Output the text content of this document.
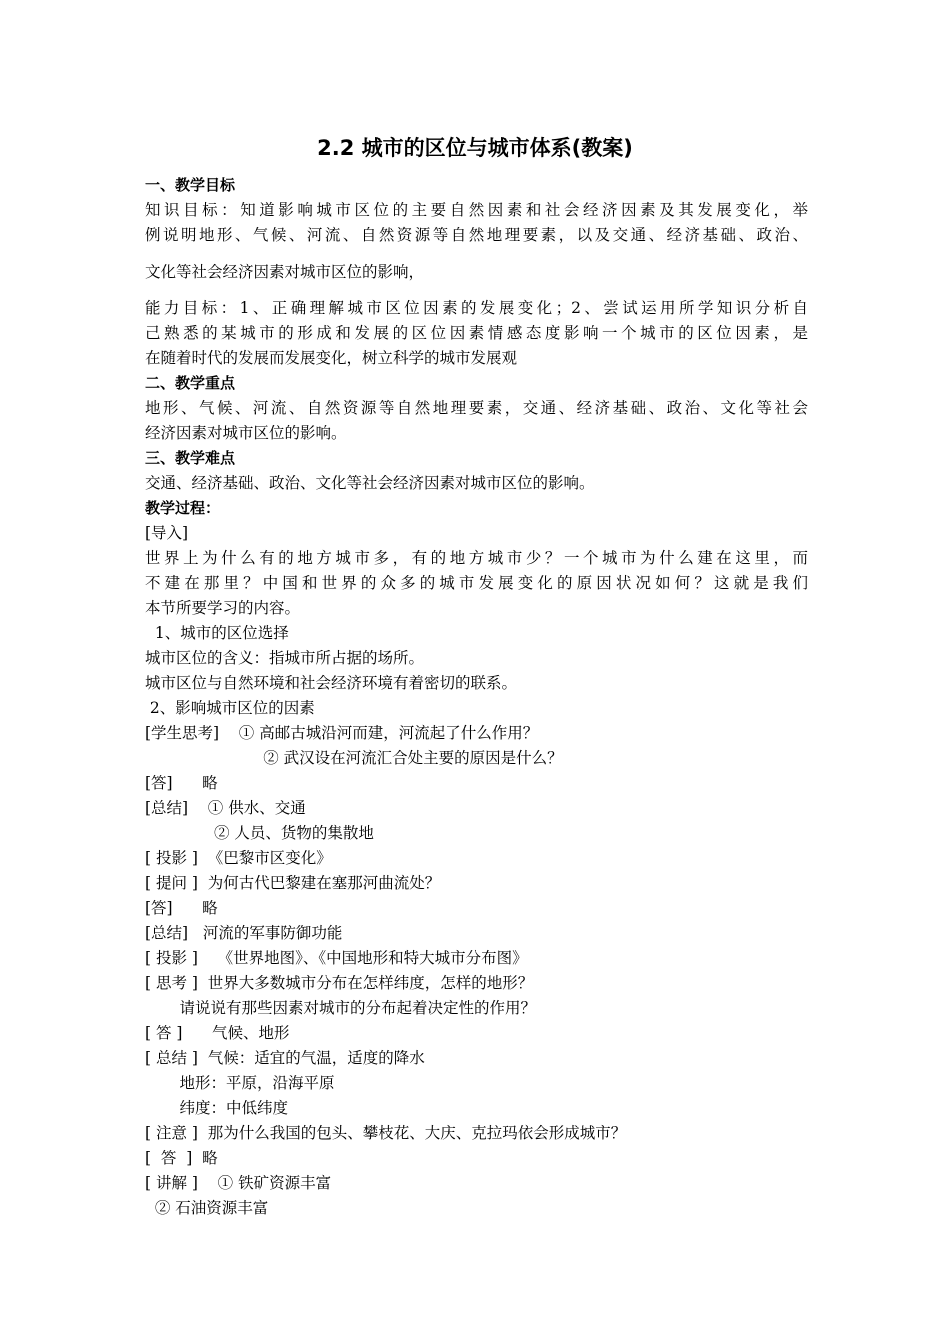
2.2 城市的区位与城市体系(教案)
一、教学目标
知识目标：知道影响城市区位的主要自然因素和社会经济因素及其发展变化，举
例说明地形、气候、河流、自然资源等自然地理要素，以及交通、经济基础、政治、
文化等社会经济因素对城市区位的影响，
能力目标：1、正确理解城市区位因素的发展变化；2、尝试运用所学知识分析自
己熟悉的某城市的形成和发展的区位因素情感态度影响一个城市的区位因素，是
在随着时代的发展而发展变化，树立科学的城市发展观
二、教学重点
地形、气候、河流、自然资源等自然地理要素，交通、经济基础、政治、文化等社会
经济因素对城市区位的影响。
三、教学难点
交通、经济基础、政治、文化等社会经济因素对城市区位的影响。
教学过程：
[导入]
世界上为什么有的地方城市多，有的地方城市少？一个城市为什么建在这里，而
不建在那里？中国和世界的众多的城市发展变化的原因状况如何？这就是我们
本节所要学习的内容。
1、城市的区位选择
城市区位的含义：指城市所占据的场所。
城市区位与自然环境和社会经济环境有着密切的联系。
2、影响城市区位的因素
[学生思考]    ① 高邮古城沿河而建，河流起了什么作用？
② 武汉设在河流汇合处主要的原因是什么？
[答]      略
[总结]    ① 供水、交通
② 人员、货物的集散地
[ 投影 ]  《巴黎市区变化》
[ 提问 ]  为何古代巴黎建在塞那河曲流处？
[答]      略
[总结]   河流的军事防御功能
[ 投影 ]    《世界地图》、《中国地形和特大城市分布图》
[ 思考 ]  世界大多数城市分布在怎样纬度，怎样的地形？
请说说有那些因素对城市的分布起着决定性的作用？
[ 答 ]      气候、地形
[ 总结 ]  气候：适宜的气温，适度的降水
地形：平原，沿海平原
纬度：中低纬度
[ 注意 ]  那为什么我国的包头、攀枝花、大庆、克拉玛依会形成城市？
[  答  ]  略
[ 讲解 ]    ① 铁矿资源丰富
② 石油资源丰富
